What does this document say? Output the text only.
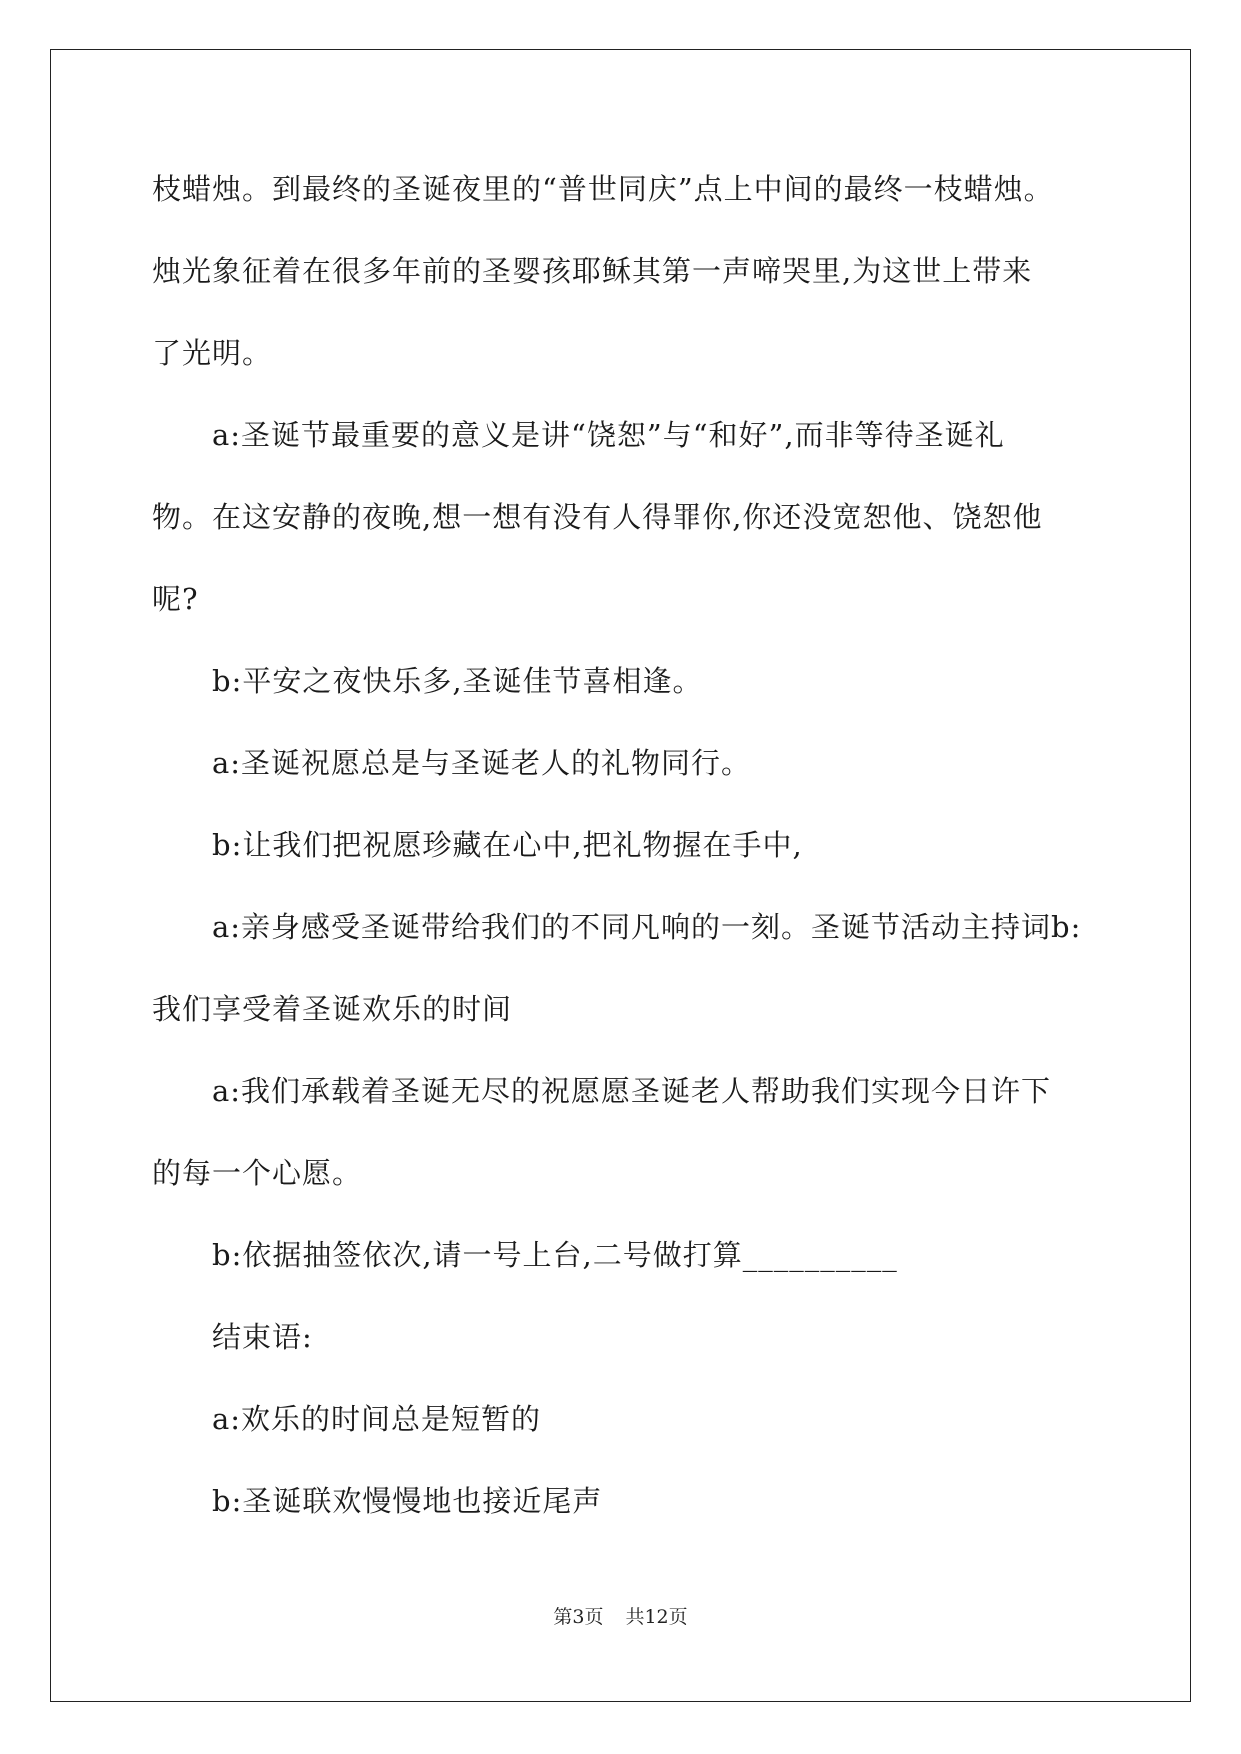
枝蜡烛。到最终的圣诞夜里的“普世同庆”点上中间的最终一枝蜡烛。
烛光象征着在很多年前的圣婴孩耶稣其第一声啼哭里,为这世上带来
了光明。
a:圣诞节最重要的意义是讲“饶恕”与“和好”,而非等待圣诞礼
物。在这安静的夜晚,想一想有没有人得罪你,你还没宽恕他、饶恕他
呢?
b:平安之夜快乐多,圣诞佳节喜相逢。
a:圣诞祝愿总是与圣诞老人的礼物同行。
b:让我们把祝愿珍藏在心中,把礼物握在手中,
a:亲身感受圣诞带给我们的不同凡响的一刻。圣诞节活动主持词b:
我们享受着圣诞欢乐的时间
a:我们承载着圣诞无尽的祝愿愿圣诞老人帮助我们实现今日许下
的每一个心愿。
b:依据抽签依次,请一号上台,二号做打算__________
结束语:
a:欢乐的时间总是短暂的
b:圣诞联欢慢慢地也接近尾声
第3页 共12页
